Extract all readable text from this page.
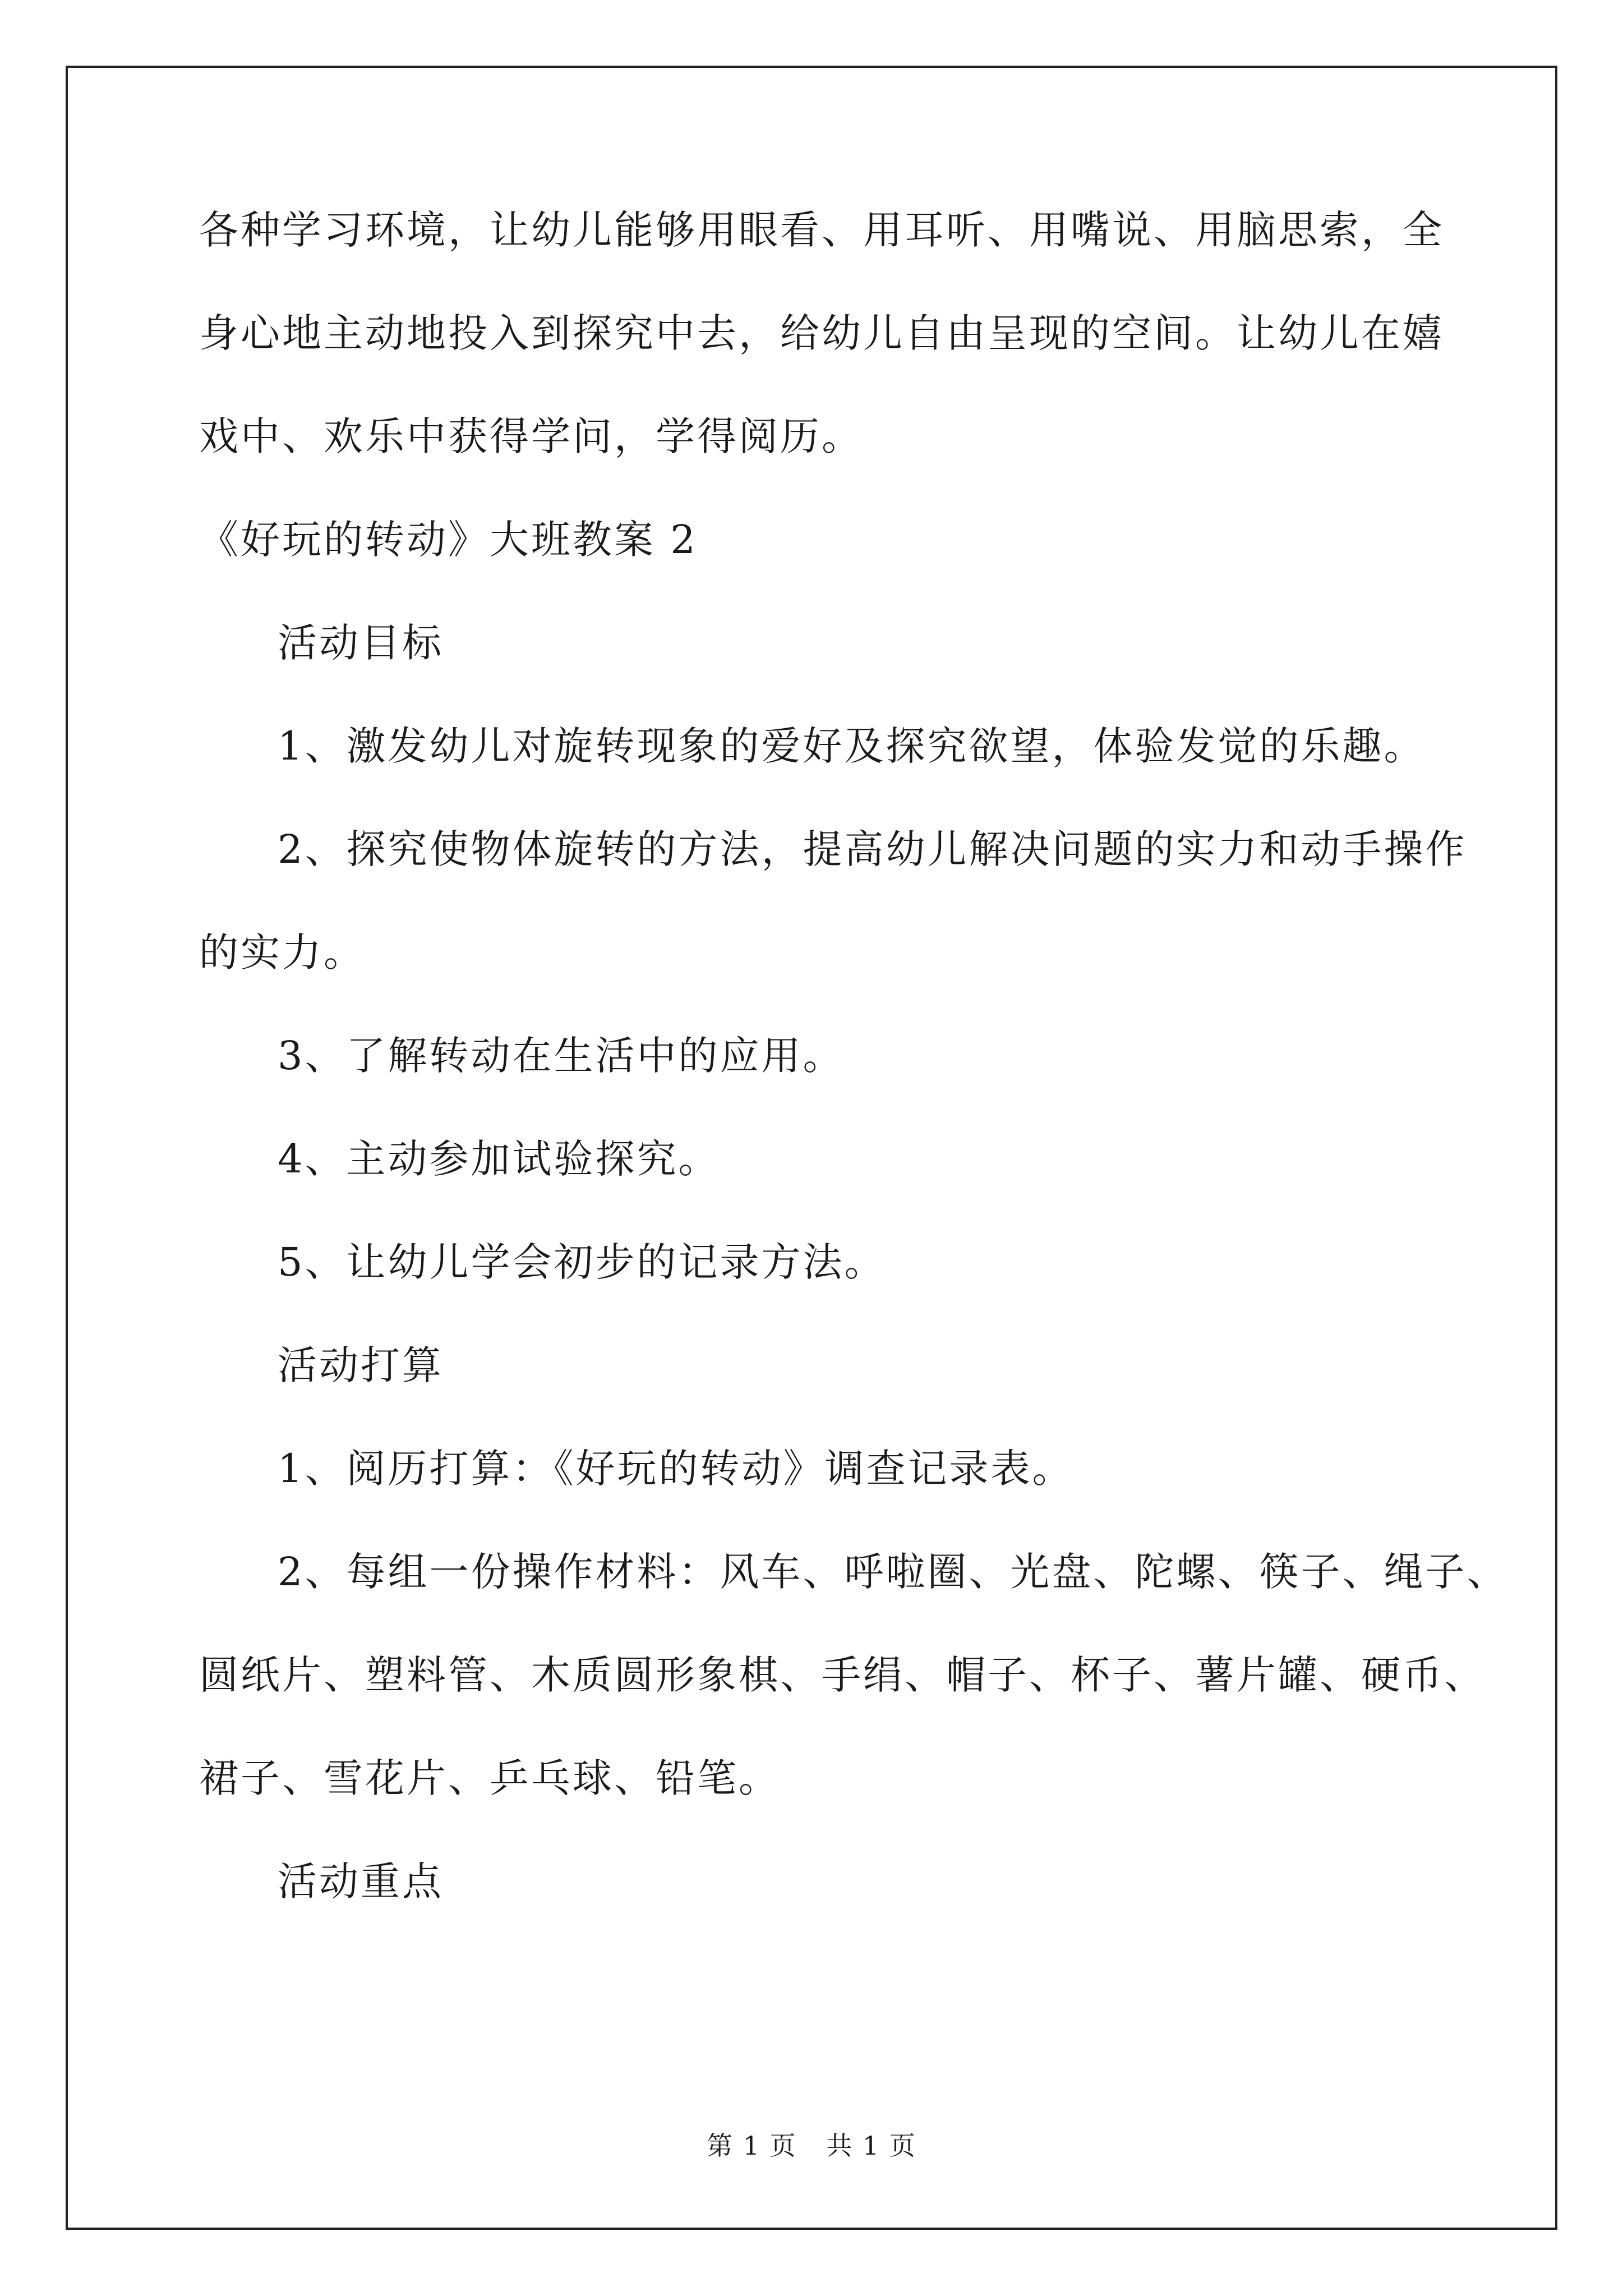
各种学习环境，让幼儿能够用眼看、用耳听、用嘴说、用脑思索，全

身心地主动地投入到探究中去，给幼儿自由呈现的空间。让幼儿在嬉

戏中、欢乐中获得学问，学得阅历。

《好玩的转动》大班教案 2

活动目标

1、激发幼儿对旋转现象的爱好及探究欲望，体验发觉的乐趣。

2、探究使物体旋转的方法，提高幼儿解决问题的实力和动手操作

的实力。

3、了解转动在生活中的应用。

4、主动参加试验探究。

5、让幼儿学会初步的记录方法。

活动打算

1、阅历打算：《好玩的转动》调查记录表。

2、每组一份操作材料：风车、呼啦圈、光盘、陀螺、筷子、绳子、

圆纸片、塑料管、木质圆形象棋、手绢、帽子、杯子、薯片罐、硬币、

裙子、雪花片、乒乓球、铅笔。

活动重点

第 1 页 共 1 页
